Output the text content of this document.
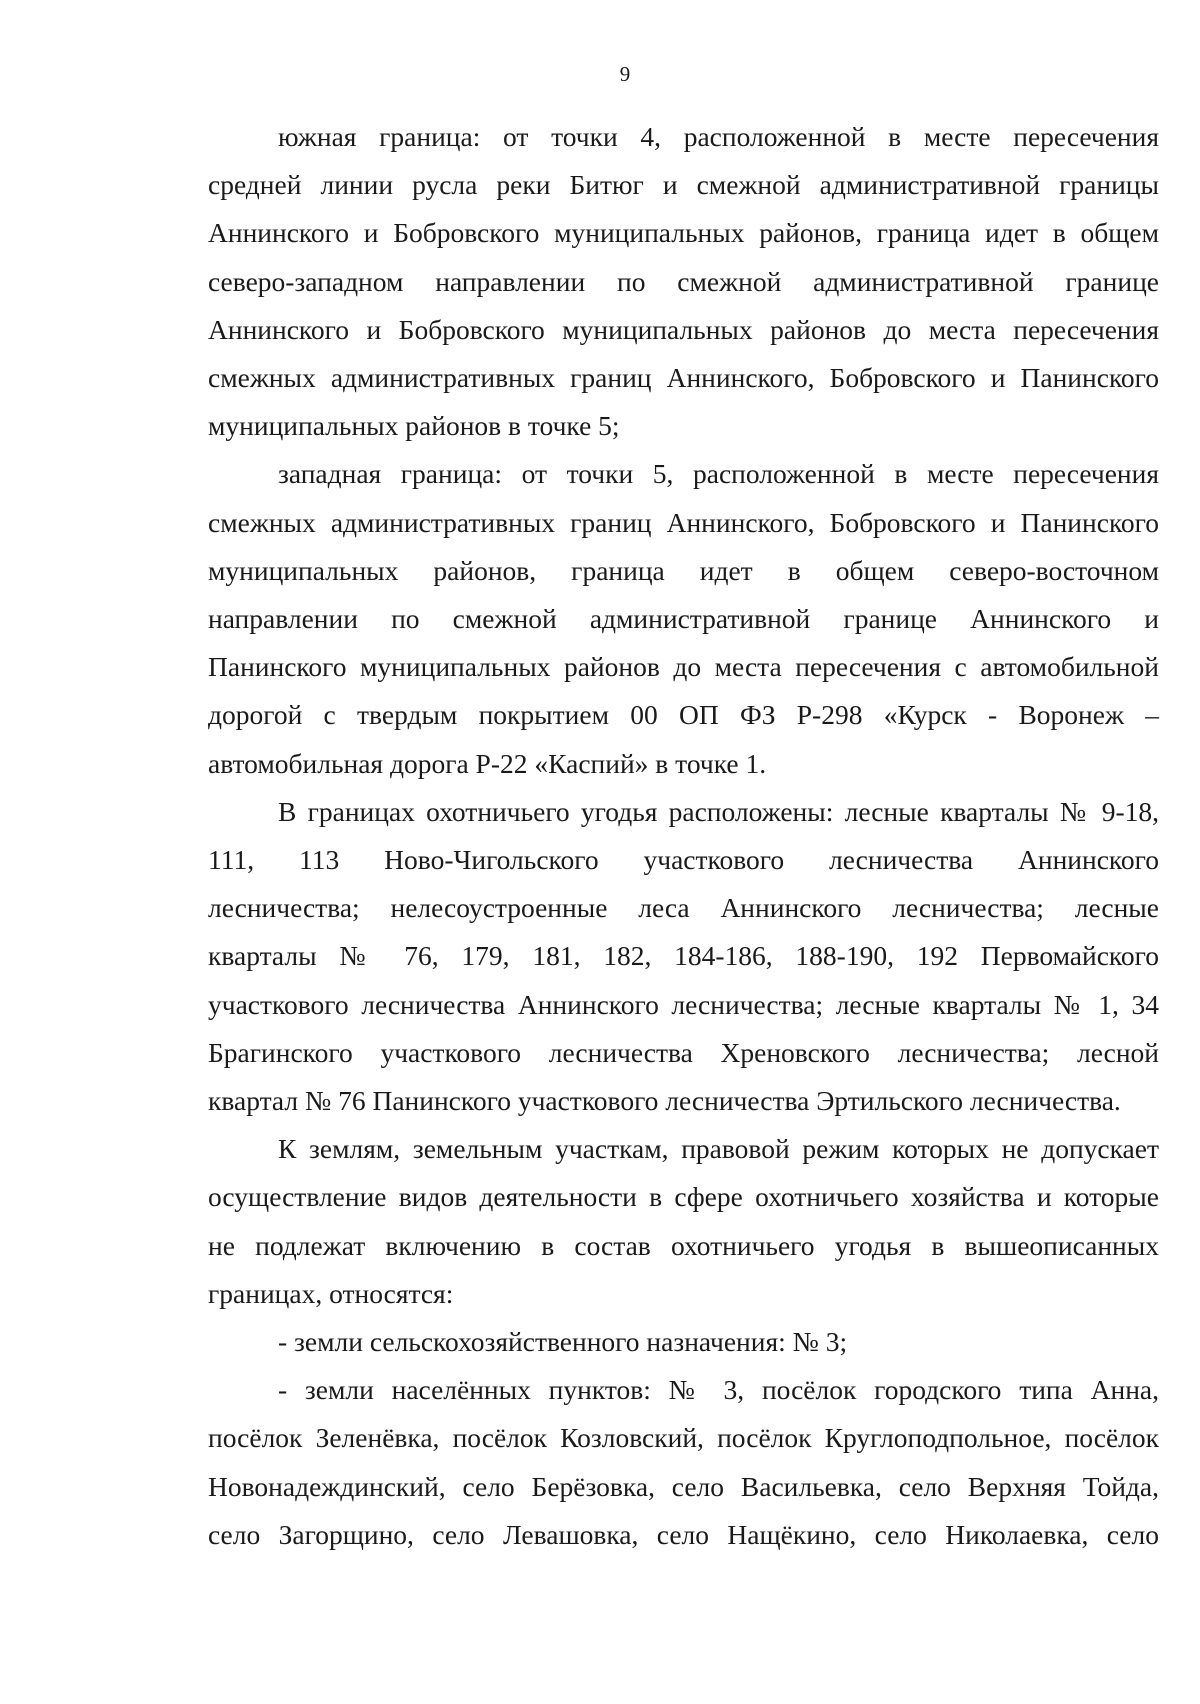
9
южная граница: от точки 4, расположенной в месте пересечения
средней линии русла реки Битюг и смежной административной границы
Аннинского и Бобровского муниципальных районов, граница идет в общем
северо-западном направлении по смежной административной границе
Аннинского и Бобровского муниципальных районов до места пересечения
смежных административных границ Аннинского, Бобровского и Панинского
муниципальных районов в точке 5;
западная граница: от точки 5, расположенной в месте пересечения
смежных административных границ Аннинского, Бобровского и Панинского
муниципальных районов, граница идет в общем северо-восточном
направлении по смежной административной границе Аннинского и
Панинского муниципальных районов до места пересечения с автомобильной
дорогой с твердым покрытием 00 ОП ФЗ Р-298 «Курск - Воронеж –
автомобильная дорога Р-22 «Каспий» в точке 1.
В границах охотничьего угодья расположены: лесные кварталы № 9-18,
111, 113 Ново-Чигольского участкового лесничества Аннинского
лесничества; нелесоустроенные леса Аннинского лесничества; лесные
кварталы № 76, 179, 181, 182, 184-186, 188-190, 192 Первомайского
участкового лесничества Аннинского лесничества; лесные кварталы № 1, 34
Брагинского участкового лесничества Хреновского лесничества; лесной
квартал № 76 Панинского участкового лесничества Эртильского лесничества.
К землям, земельным участкам, правовой режим которых не допускает
осуществление видов деятельности в сфере охотничьего хозяйства и которые
не подлежат включению в состав охотничьего угодья в вышеописанных
границах, относятся:
- земли сельскохозяйственного назначения: № 3;
- земли населённых пунктов: № 3, посёлок городского типа Анна,
посёлок Зеленёвка, посёлок Козловский, посёлок Круглоподпольное, посёлок
Новонадеждинский, село Берёзовка, село Васильевка, село Верхняя Тойда,
село Загорщино, село Левашовка, село Нащёкино, село Николаевка, село
